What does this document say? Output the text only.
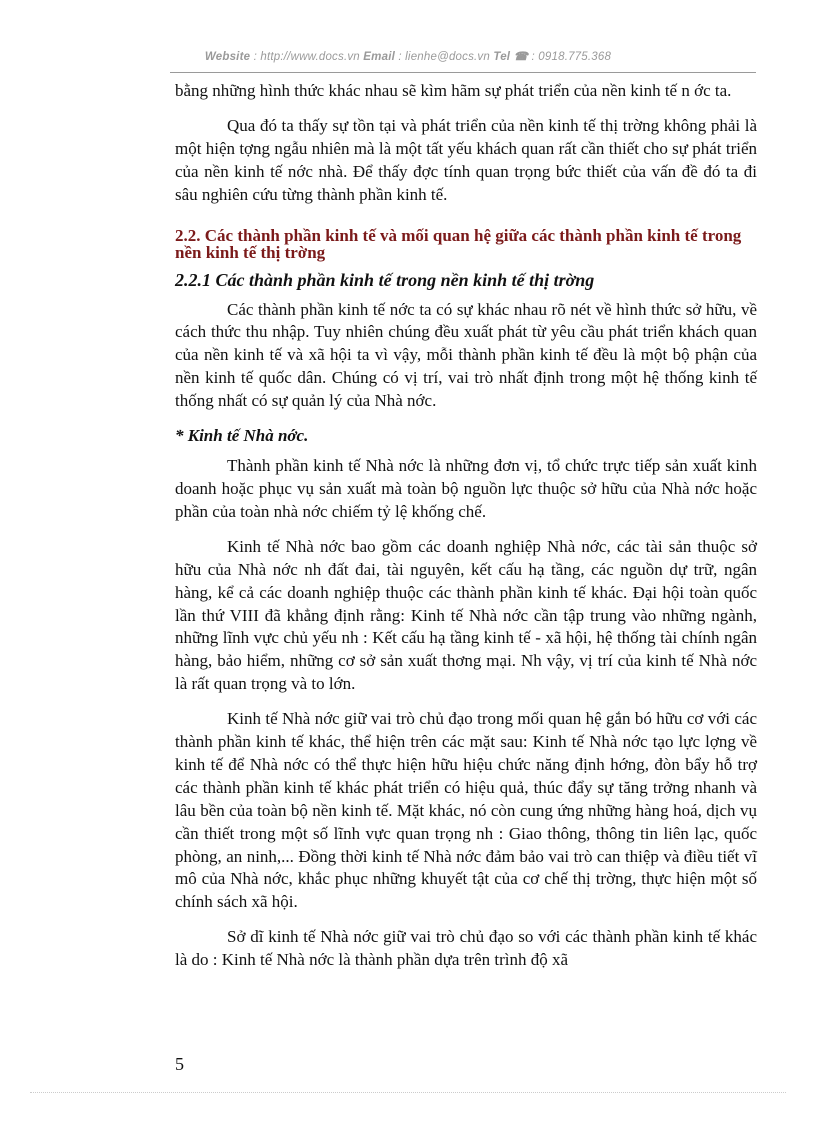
Website : http://www.docs.vn Email : lienhe@docs.vn Tel ☎ : 0918.775.368

bằng những hình thức khác nhau sẽ kìm hãm sự phát triển của nền kinh tế n ớc ta.

Qua đó ta thấy sự tồn tại và phát triển của nền kinh tế thị trờng không phải là một hiện tợng ngẫu nhiên mà là một tất yếu khách quan rất cần thiết cho sự phát triển của nền kinh tế nớc nhà. Để thấy đợc tính quan trọng bức thiết của vấn đề đó ta đi sâu nghiên cứu từng thành phần kinh tế.

2.2. Các thành phần kinh tế và mối quan hệ giữa các thành phần kinh tế trong nền kinh tế thị trờng
2.2.1 Các thành phần kinh tế trong nền kinh tế thị trờng

Các thành phần kinh tế nớc ta có sự khác nhau rõ nét về hình thức sở hữu, về cách thức thu nhập. Tuy nhiên chúng đều xuất phát từ yêu cầu phát triển khách quan của nền kinh tế và xã hội ta vì vậy, mỗi thành phần kinh tế đều là một bộ phận của nền kinh tế quốc dân. Chúng có vị trí, vai trò nhất định trong một hệ thống kinh tế thống nhất có sự quản lý của Nhà nớc.

* Kinh tế Nhà nớc.

Thành phần kinh tế Nhà nớc là những đơn vị, tổ chức trực tiếp sản xuất kinh doanh hoặc phục vụ sản xuất mà toàn bộ nguồn lực thuộc sở hữu của Nhà nớc hoặc phần của toàn nhà nớc chiếm tỷ lệ khống chế.

Kinh tế Nhà nớc bao gồm các doanh nghiệp Nhà nớc, các tài sản thuộc sở hữu của Nhà nớc nh đất đai, tài nguyên, kết cấu hạ tầng, các nguồn dự trữ, ngân hàng, kể cả các doanh nghiệp thuộc các thành phần kinh tế khác. Đại hội toàn quốc lần thứ VIII đã khẳng định rằng: Kinh tế Nhà nớc cần tập trung vào những ngành, những lĩnh vực chủ yếu nh : Kết cấu hạ tầng kinh tế - xã hội, hệ thống tài chính ngân hàng, bảo hiểm, những cơ sở sản xuất thơng mại. Nh vậy, vị trí của kinh tế Nhà nớc là rất quan trọng và to lớn.

Kinh tế Nhà nớc giữ vai trò chủ đạo trong mối quan hệ gắn bó hữu cơ với các thành phần kinh tế khác, thể hiện trên các mặt sau: Kinh tế Nhà nớc tạo lực lợng về kinh tế để Nhà nớc có thể thực hiện hữu hiệu chức năng định hớng, đòn bẩy hỗ trợ các thành phần kinh tế khác phát triển có hiệu quả, thúc đẩy sự tăng trởng nhanh và lâu bền của toàn bộ nền kinh tế. Mặt khác, nó còn cung ứng những hàng hoá, dịch vụ cần thiết trong một số lĩnh vực quan trọng nh : Giao thông, thông tin liên lạc, quốc phòng, an ninh,... Đồng thời kinh tế Nhà nớc đảm bảo vai trò can thiệp và điều tiết vĩ mô của Nhà nớc, khắc phục những khuyết tật của cơ chế thị trờng, thực hiện một số chính sách xã hội.

Sở dĩ kinh tế Nhà nớc giữ vai trò chủ đạo so với các thành phần kinh tế khác là do : Kinh tế Nhà nớc là thành phần dựa trên trình độ xã

5
